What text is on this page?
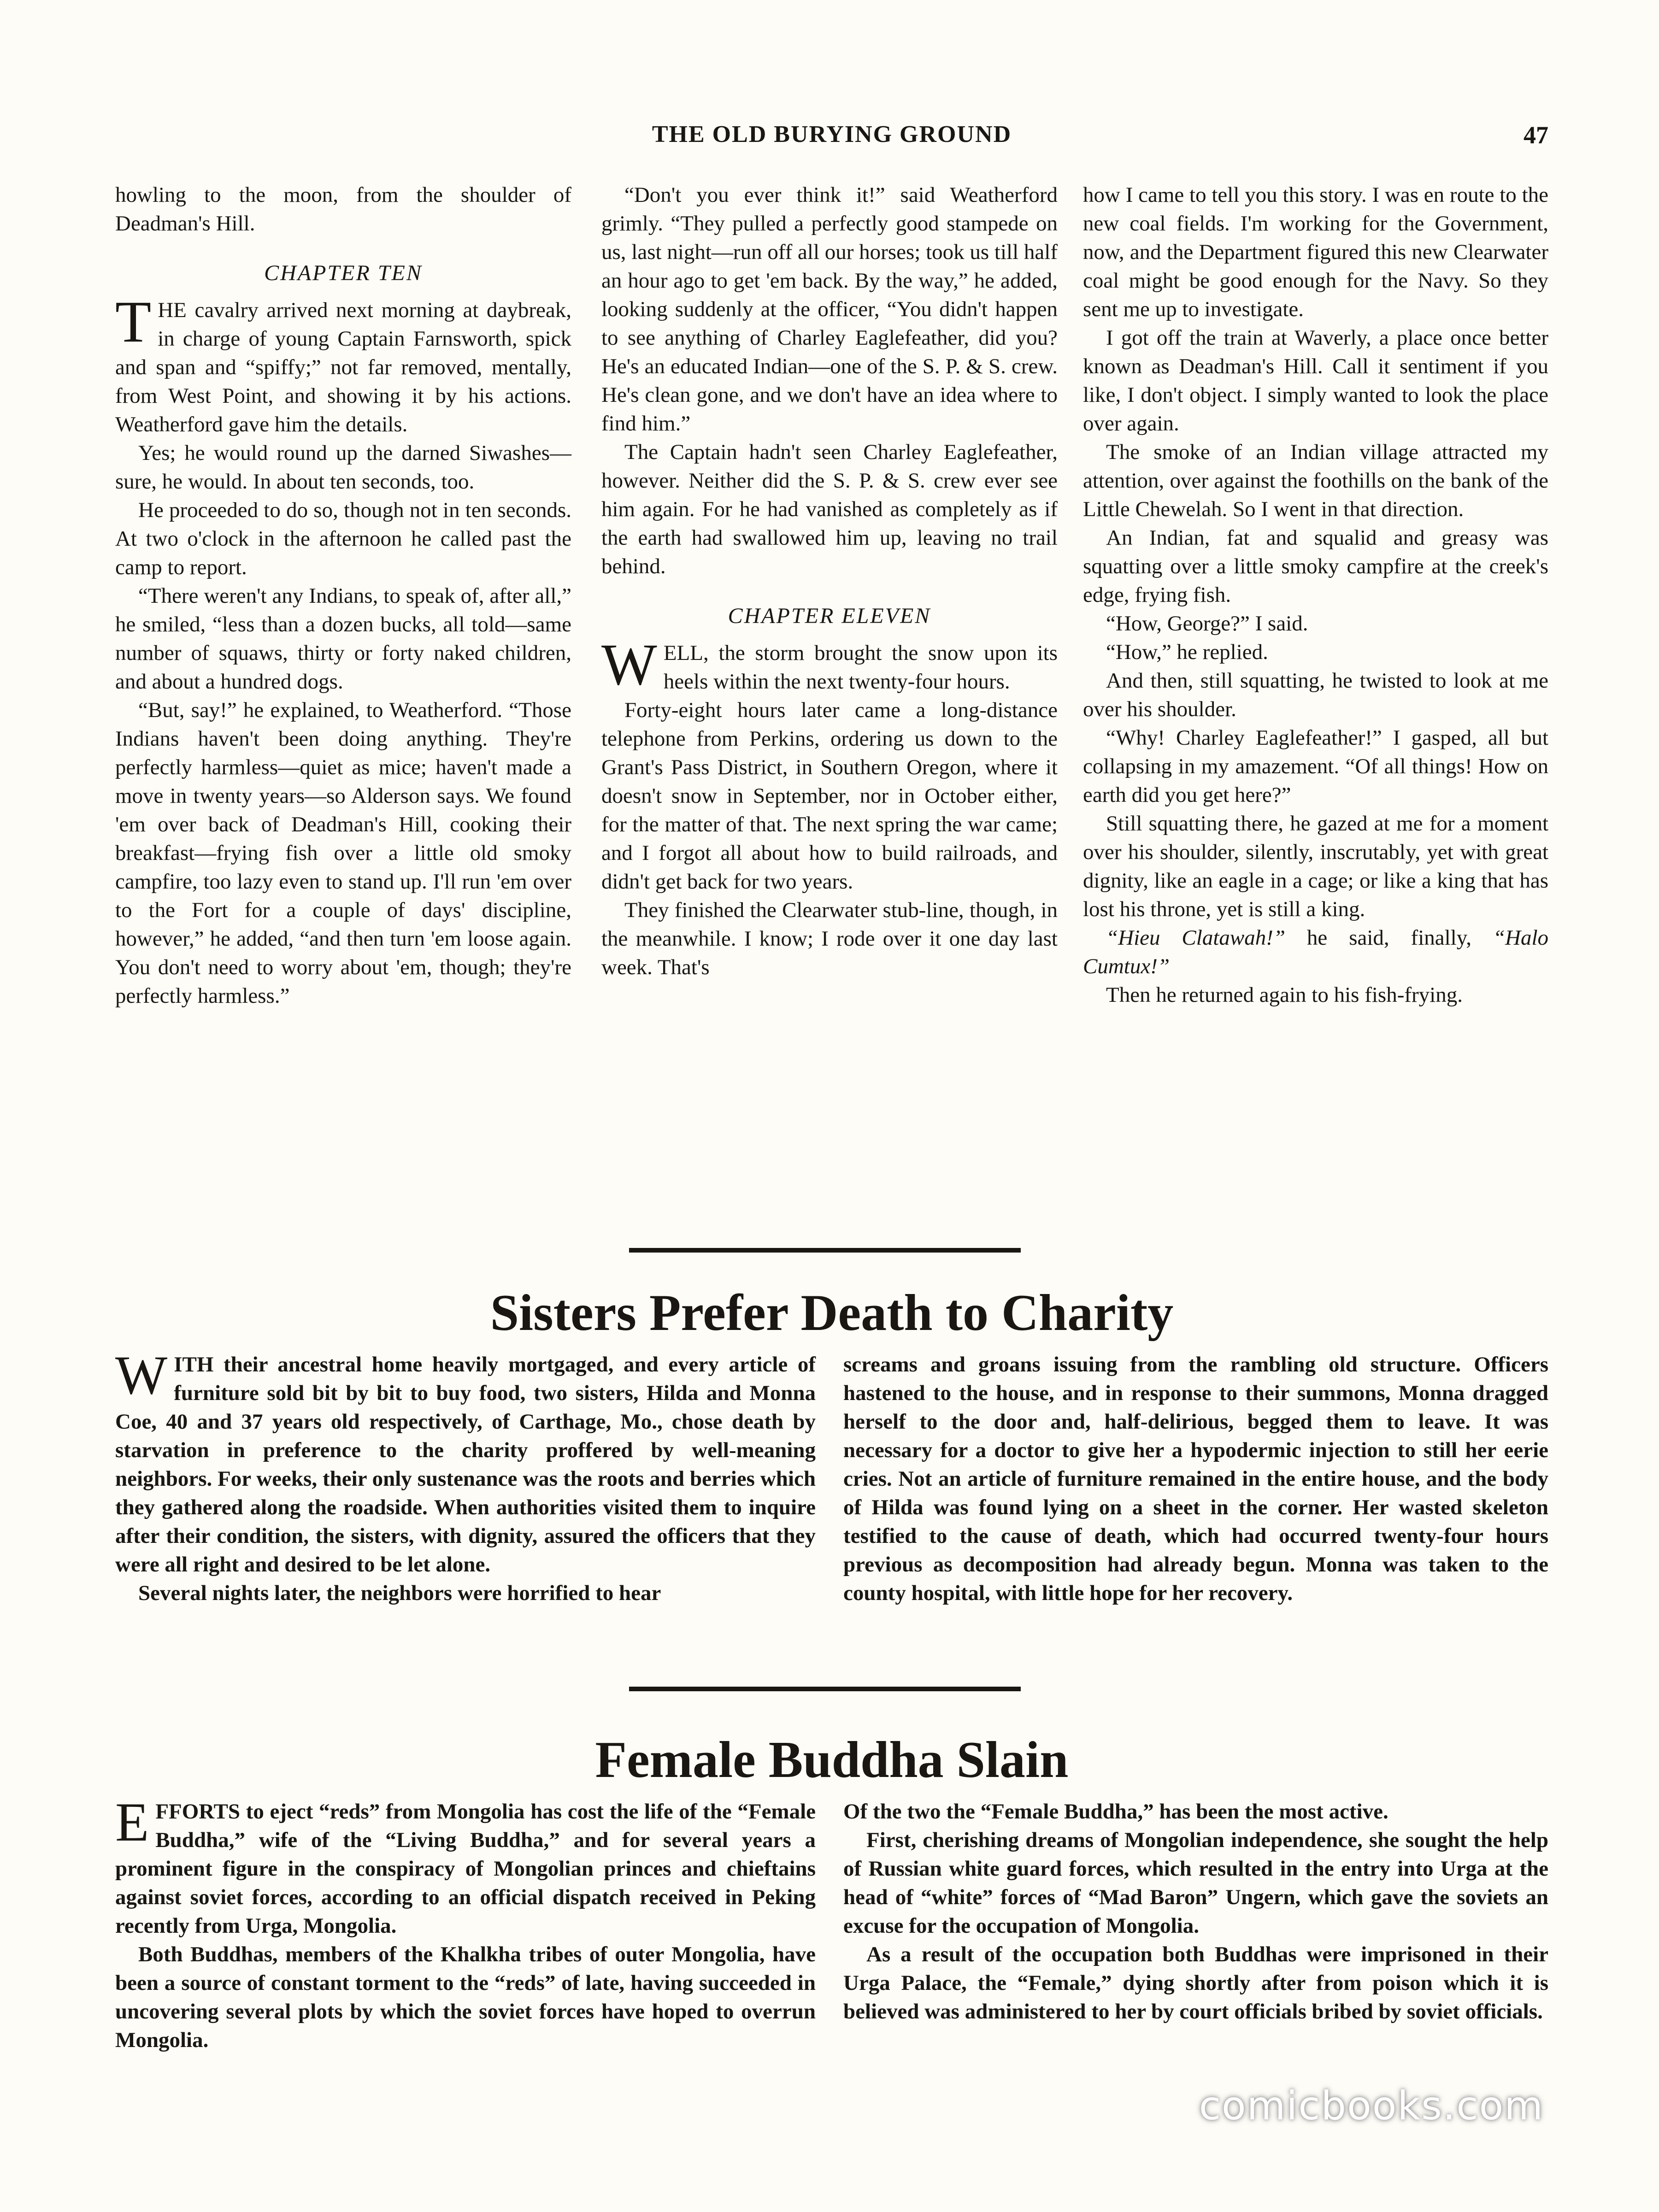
THE OLD BURYING GROUND	47

howling to the moon, from the shoulder of Deadman's Hill.

CHAPTER TEN

THE cavalry arrived next morning at daybreak, in charge of young Captain Farnsworth, spick and span and “spiffy;” not far removed, mentally, from West Point, and showing it by his actions. Weatherford gave him the details.

Yes; he would round up the darned Siwashes—sure, he would. In about ten seconds, too.

He proceeded to do so, though not in ten seconds. At two o'clock in the afternoon he called past the camp to report.

“There weren't any Indians, to speak of, after all,” he smiled, “less than a dozen bucks, all told—same number of squaws, thirty or forty naked children, and about a hundred dogs.

“But, say!” he explained, to Weatherford. “Those Indians haven't been doing anything. They're perfectly harmless—quiet as mice; haven't made a move in twenty years—so Alderson says. We found 'em over back of Deadman's Hill, cooking their breakfast—frying fish over a little old smoky campfire, too lazy even to stand up. I'll run 'em over to the Fort for a couple of days' discipline, however,” he added, “and then turn 'em loose again. You don't need to worry about 'em, though; they're perfectly harmless.”

“Don't you ever think it!” said Weatherford grimly. “They pulled a perfectly good stampede on us, last night—run off all our horses; took us till half an hour ago to get 'em back. By the way,” he added, looking suddenly at the officer, “You didn't happen to see anything of Charley Eaglefeather, did you? He's an educated Indian—one of the S. P. & S. crew. He's clean gone, and we don't have an idea where to find him.”

The Captain hadn't seen Charley Eaglefeather, however. Neither did the S. P. & S. crew ever see him again. For he had vanished as completely as if the earth had swallowed him up, leaving no trail behind.

CHAPTER ELEVEN

WELL, the storm brought the snow upon its heels within the next twenty-four hours.

Forty-eight hours later came a long-distance telephone from Perkins, ordering us down to the Grant's Pass District, in Southern Oregon, where it doesn't snow in September, nor in October either, for the matter of that. The next spring the war came; and I forgot all about how to build railroads, and didn't get back for two years.

They finished the Clearwater stub-line, though, in the meanwhile. I know; I rode over it one day last week. That's

how I came to tell you this story. I was en route to the new coal fields. I'm working for the Government, now, and the Department figured this new Clearwater coal might be good enough for the Navy. So they sent me up to investigate.

I got off the train at Waverly, a place once better known as Deadman's Hill. Call it sentiment if you like, I don't object. I simply wanted to look the place over again.

The smoke of an Indian village attracted my attention, over against the foothills on the bank of the Little Chewelah. So I went in that direction.

An Indian, fat and squalid and greasy was squatting over a little smoky campfire at the creek's edge, frying fish.

“How, George?” I said.

“How,” he replied.

And then, still squatting, he twisted to look at me over his shoulder.

“Why! Charley Eaglefeather!” I gasped, all but collapsing in my amazement. “Of all things! How on earth did you get here?”

Still squatting there, he gazed at me for a moment over his shoulder, silently, inscrutably, yet with great dignity, like an eagle in a cage; or like a king that has lost his throne, yet is still a king.

“Hieu Clatawah!” he said, finally, “Halo Cumtux!”

Then he returned again to his fish-frying.

Sisters Prefer Death to Charity

WITH their ancestral home heavily mortgaged, and every article of furniture sold bit by bit to buy food, two sisters, Hilda and Monna Coe, 40 and 37 years old respectively, of Carthage, Mo., chose death by starvation in preference to the charity proffered by well-meaning neighbors. For weeks, their only sustenance was the roots and berries which they gathered along the roadside. When authorities visited them to inquire after their condition, the sisters, with dignity, assured the officers that they were all right and desired to be let alone.

Several nights later, the neighbors were horrified to hear

screams and groans issuing from the rambling old structure. Officers hastened to the house, and in response to their summons, Monna dragged herself to the door and, half-delirious, begged them to leave. It was necessary for a doctor to give her a hypodermic injection to still her eerie cries. Not an article of furniture remained in the entire house, and the body of Hilda was found lying on a sheet in the corner. Her wasted skeleton testified to the cause of death, which had occurred twenty-four hours previous as decomposition had already begun. Monna was taken to the county hospital, with little hope for her recovery.

Female Buddha Slain

EFFORTS to eject “reds” from Mongolia has cost the life of the “Female Buddha,” wife of the “Living Buddha,” and for several years a prominent figure in the conspiracy of Mongolian princes and chieftains against soviet forces, according to an official dispatch received in Peking recently from Urga, Mongolia.

Both Buddhas, members of the Khalkha tribes of outer Mongolia, have been a source of constant torment to the “reds” of late, having succeeded in uncovering several plots by which the soviet forces have hoped to overrun Mongolia.

Of the two the “Female Buddha,” has been the most active.

First, cherishing dreams of Mongolian independence, she sought the help of Russian white guard forces, which resulted in the entry into Urga at the head of “white” forces of “Mad Baron” Ungern, which gave the soviets an excuse for the occupation of Mongolia.

As a result of the occupation both Buddhas were imprisoned in their Urga Palace, the “Female,” dying shortly after from poison which it is believed was administered to her by court officials bribed by soviet officials.

comicbooks.com
